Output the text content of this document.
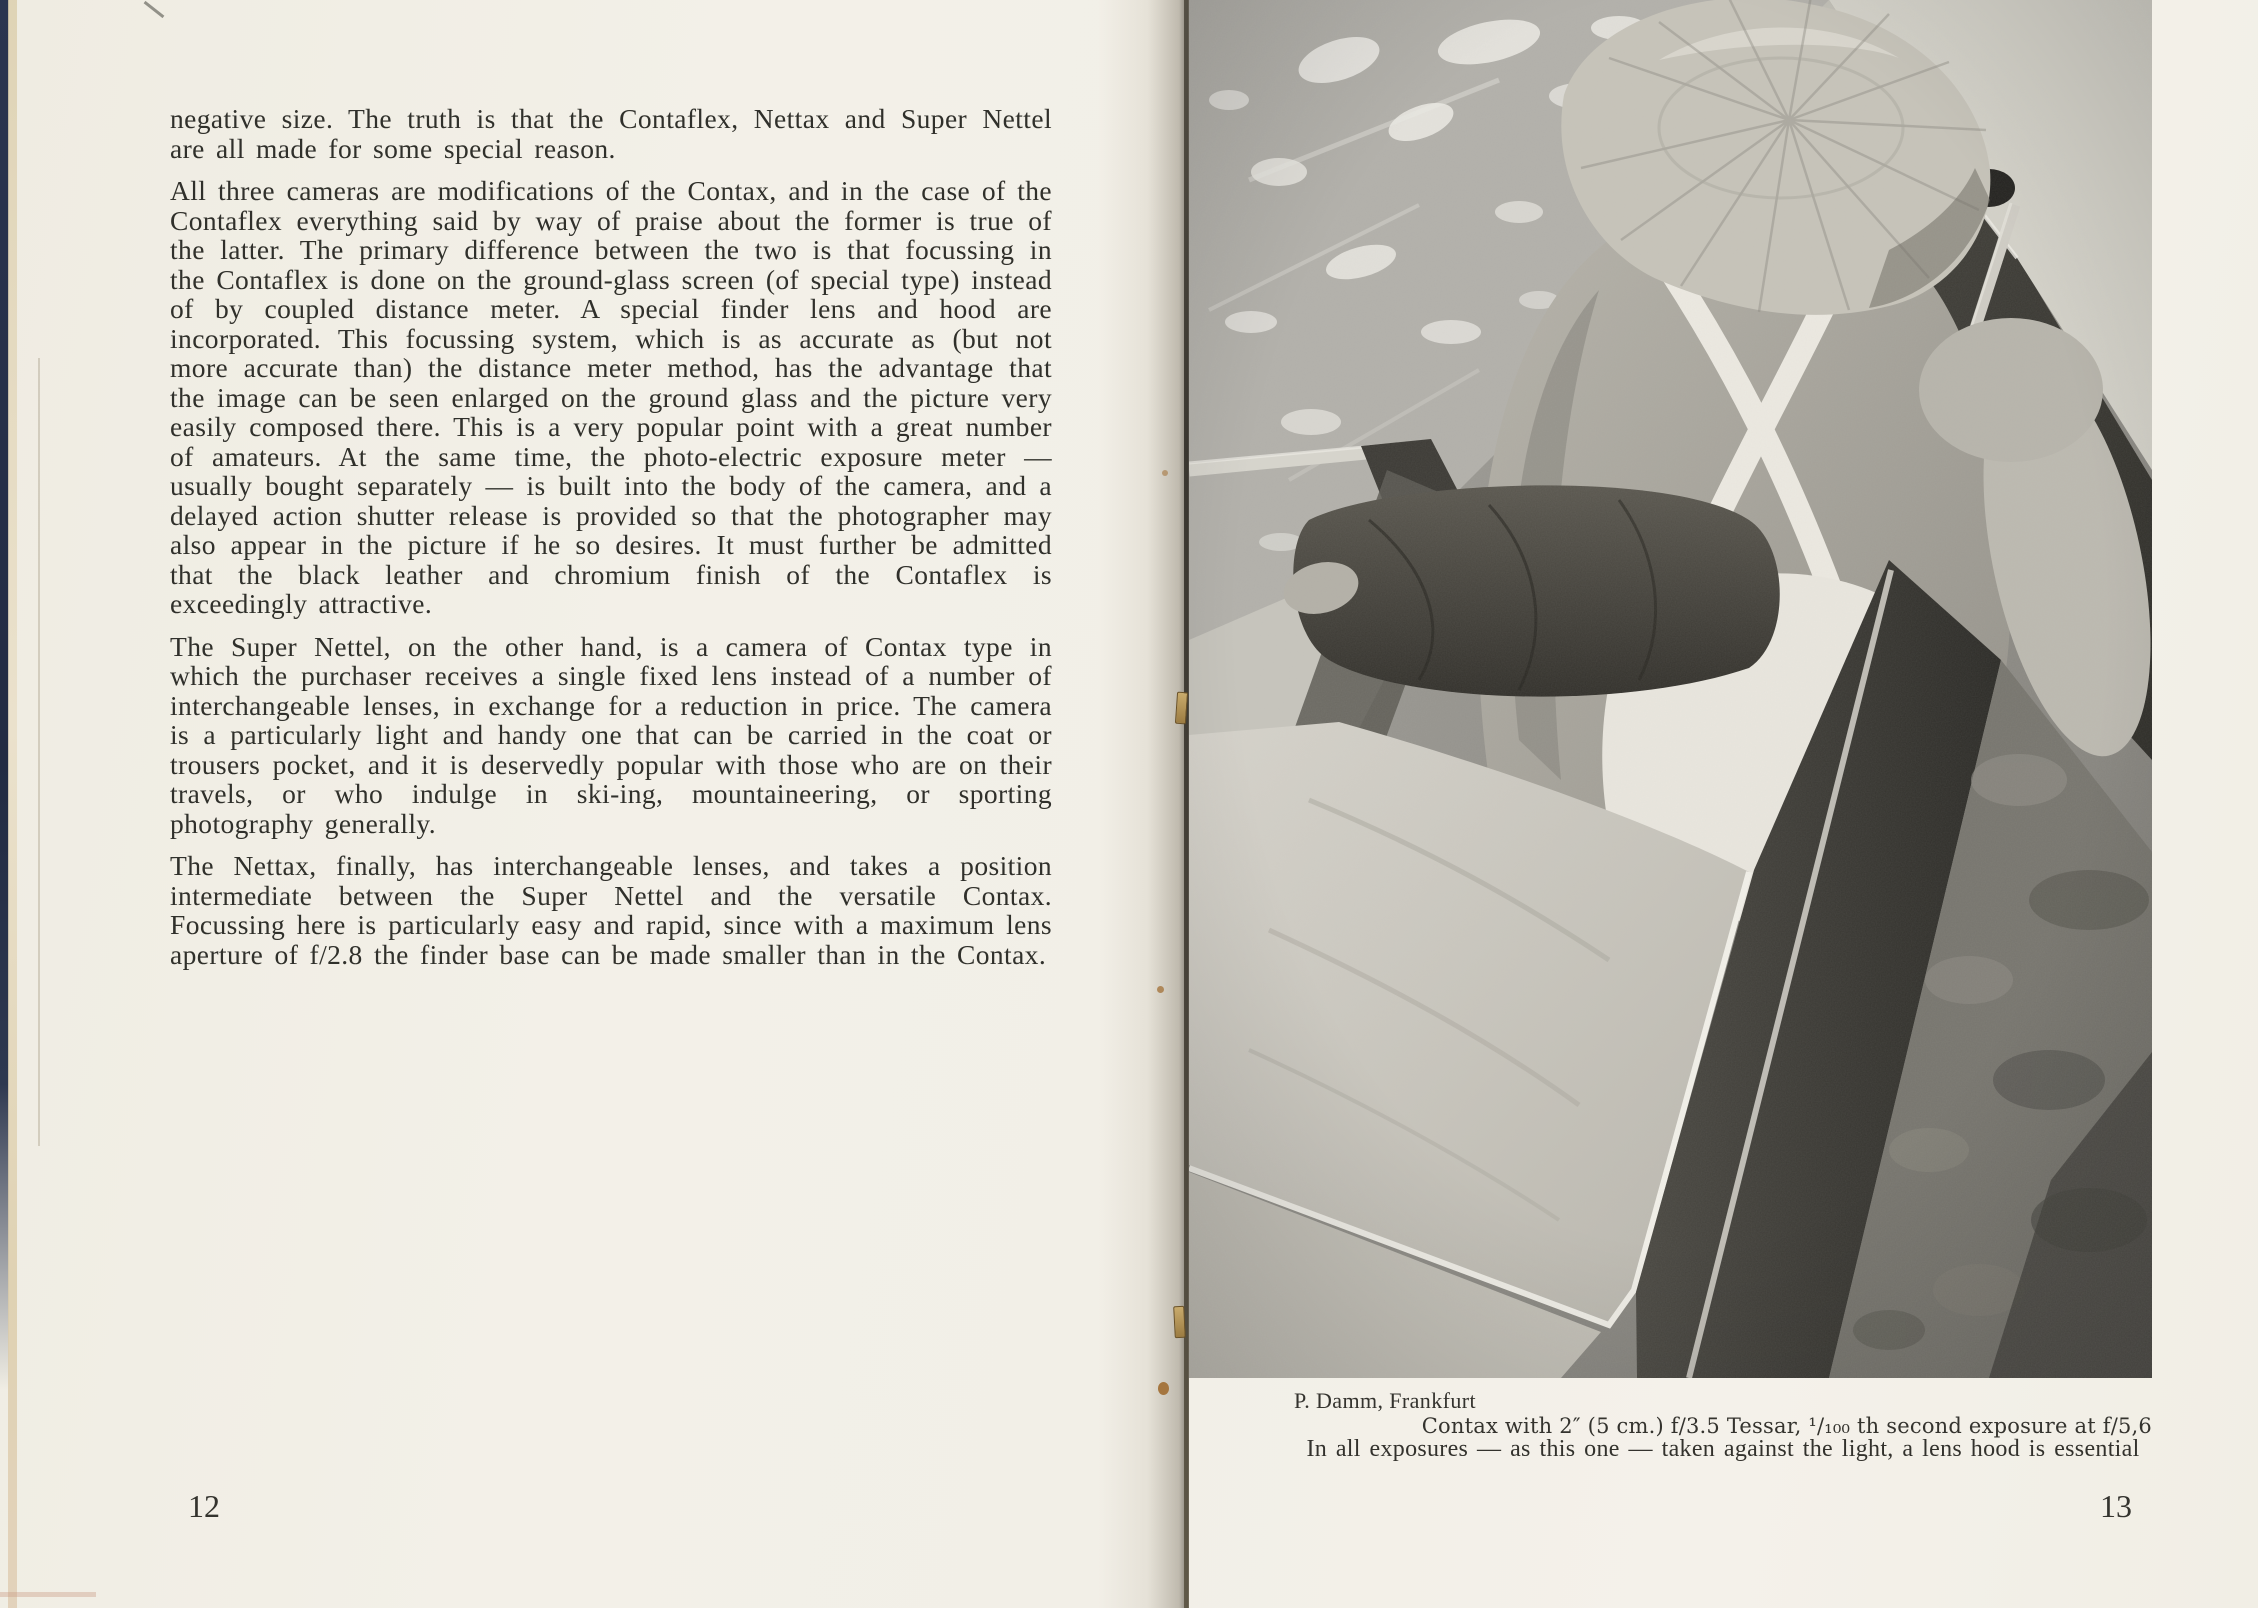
negative size. The truth is that the Contaflex, Nettax and Super Nettel are all made for some special reason.

All three cameras are modifications of the Contax, and in the case of the Contaflex everything said by way of praise about the former is true of the latter. The primary difference between the two is that focussing in the Contaflex is done on the ground-glass screen (of special type) instead of by coupled distance meter. A special finder lens and hood are incorporated. This focussing system, which is as accurate as (but not more accurate than) the distance meter method, has the advantage that the image can be seen enlarged on the ground glass and the picture very easily composed there. This is a very popular point with a great number of amateurs. At the same time, the photo-electric exposure meter — usually bought separately — is built into the body of the camera, and a delayed action shutter release is provided so that the photographer may also appear in the picture if he so desires. It must further be admitted that the black leather and chromium finish of the Contaflex is exceedingly attractive.

The Super Nettel, on the other hand, is a camera of Contax type in which the purchaser receives a single fixed lens instead of a number of interchangeable lenses, in exchange for a reduction in price. The camera is a particularly light and handy one that can be carried in the coat or trousers pocket, and it is deservedly popular with those who are on their travels, or who indulge in ski-ing, mountaineering, or sporting photography generally.

The Nettax, finally, has interchangeable lenses, and takes a position intermediate between the Super Nettel and the versatile Contax. Focussing here is particularly easy and rapid, since with a maximum lens aperture of f/2.8 the finder base can be made smaller than in the Contax.

12
P. Damm, Frankfurt
Contax with 2″ (5 cm.) f/3.5 Tessar, ¹/₁₀₀ th second exposure at f/5,6
In all exposures — as this one — taken against the light, a lens hood is essential
13
